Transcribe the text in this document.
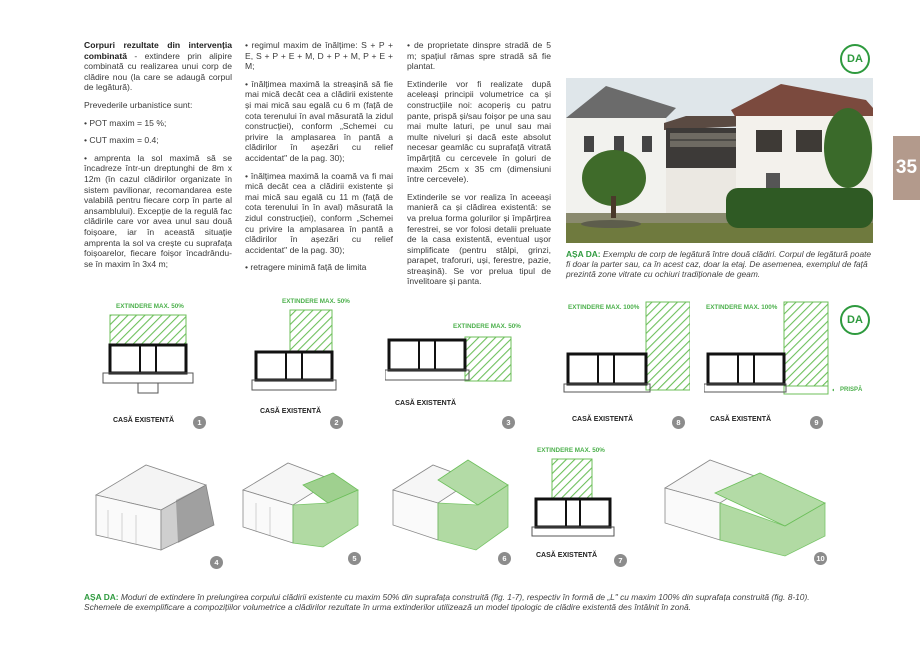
Corpuri rezultate din intervenția combinată - extindere prin alipire combinată cu realizarea unui corp de clădire nou (la care se adaugă corpul de legătură).

Prevederile urbanistice sunt:

• POT maxim = 15 %;

• CUT maxim = 0.4;

• amprenta la sol maximă să se încadreze într-un dreptunghi de 8m x 12m (în cazul clădirilor organizate în sistem pavilionar, recomandarea este valabilă pentru fiecare corp în parte al ansamblului). Excepție de la regulă fac clădirile care vor avea unul sau două foișoare, iar în această situație amprenta la sol va crește cu suprafața foișoarelor, fiecare foișor încadrându-se în maxim în 3x4 m;

• regimul maxim de înălțime: S + P + E, S + P + E + M, D + P + M, P + E + M;

• înălțimea maximă la streașină să fie mai mică decât cea a clădirii existente și mai mică sau egală cu 6 m (față de cota terenului în aval măsurată la zidul construcției), conform „Schemei cu privire la amplasarea în pantă a clădirilor în așezări cu relief accidentat" de la pag. 30);

• înălțimea maximă la coamă va fi mai mică decât cea a clădirii existente și mai mică sau egală cu 11 m (față de cota terenului în în aval) măsurată la zidul construcției), conform „Schemei cu privire la amplasarea în pantă a clădirilor în așezări cu relief accidentat" de la pag. 30);

• retragere minimă față de limita

• de proprietate dinspre stradă de 5 m; spațiul rămas spre stradă să fie plantat.

Extinderile vor fi realizate după aceleași principii volumetrice ca și construcțiile noi: acoperiș cu patru pante, prispă și/sau foișor pe una sau mai multe laturi, pe unul sau mai multe niveluri și dacă este absolut necesar geamlâc cu suprafață vitrată împărțită cu cercevele în goluri de maxim 25cm x 35 cm (dimensiuni între cercevele).

Extinderile se vor realiza în aceeași manieră ca și clădirea existentă: se va prelua forma golurilor și împărțirea ferestrei, se vor folosi detalii preluate de la casa existentă, eventual ușor simplificate (pentru stâlpi, grinzi, parapet, traforuri, uși, ferestre, pazie, streașină). Se vor prelua tipul de învelitoare și panta.

35
DA
DA
AȘA DA: Exemplu de corp de legătură între două clădiri. Corpul de legătură poate fi doar la parter sau, ca în acest caz, doar la etaj. De asemenea, exemplul de față prezintă zone vitrate cu ochiuri tradiționale de geam.
EXTINDERE MAX. 50%
CASĂ EXISTENTĂ	1
EXTINDERE MAX. 50%
CASĂ EXISTENTĂ
2
EXTINDERE MAX. 50%
CASĂ EXISTENTĂ
3
EXTINDERE MAX. 100%
CASĂ EXISTENTĂ	8
EXTINDERE MAX. 100%
PRISPĂ
CASĂ EXISTENTĂ	9
4	5	6
EXTINDERE MAX. 50%
CASĂ EXISTENTĂ
7	10
AȘA DA: Moduri de extindere în prelungirea corpului clădirii existente cu maxim 50% din suprafața construită (fig. 1-7), respectiv în formă de „L" cu maxim 100% din suprafața construită (fig. 8-10). Schemele de exemplificare a compozițiilor volumetrice a clădirilor rezultate în urma extinderilor utilizează un model tipologic de clădire existentă des întâlnit în zonă.
